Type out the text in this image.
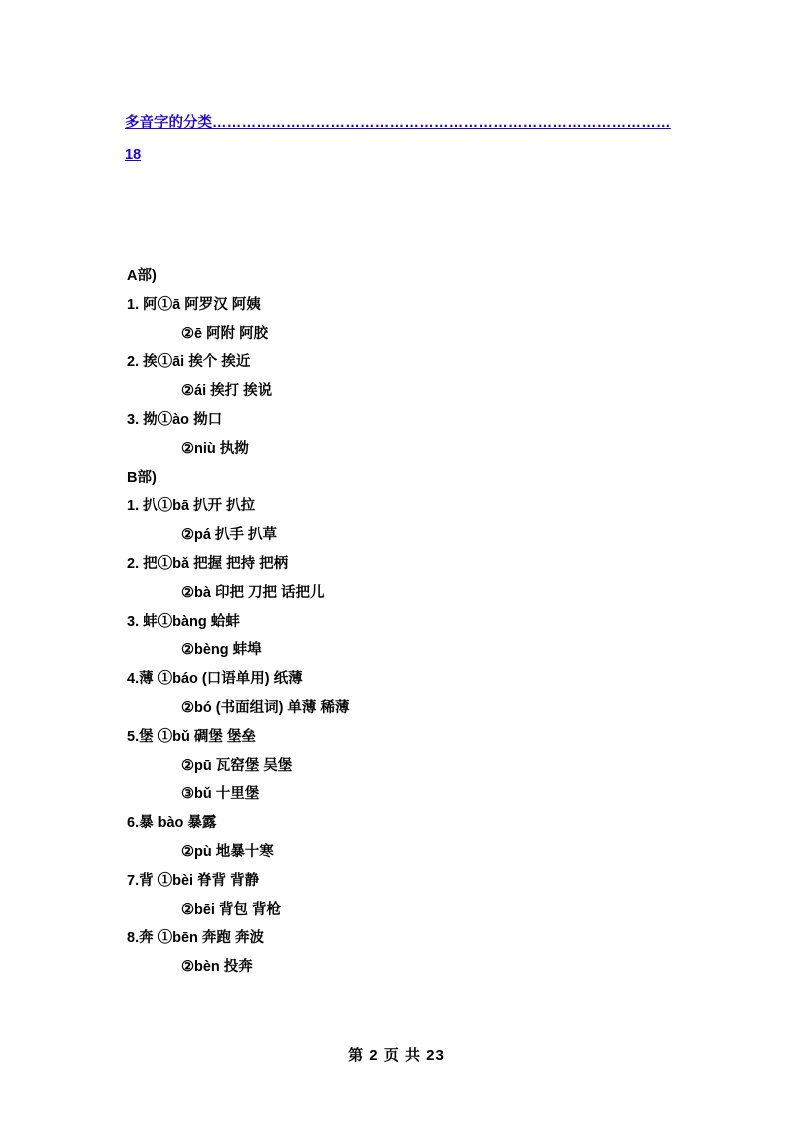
多音字的分类…………………………………………………………………………………
18
A部)
1. 阿①ā 阿罗汉 阿姨
②ē 阿附 阿胶
2. 挨①āi 挨个 挨近
②ái 挨打 挨说
3. 拗①ào 拗口
②niù 执拗
B部)
1. 扒①bā 扒开 扒拉
②pá 扒手 扒草
2. 把①bǎ 把握 把持 把柄
②bà 印把 刀把 话把儿
3. 蚌①bàng 蛤蚌
②bèng 蚌埠
4.薄 ①báo (口语单用) 纸薄
②bó (书面组词) 单薄 稀薄
5.堡 ①bǔ 碉堡 堡垒
②pū 瓦窑堡 吴堡
③bǔ 十里堡
6.暴 bào 暴露
②pù 地暴十寒
7.背 ①bèi 脊背 背静
②bēi 背包 背枪
8.奔 ①bēn 奔跑 奔波
②bèn 投奔
第 2 页 共 23
